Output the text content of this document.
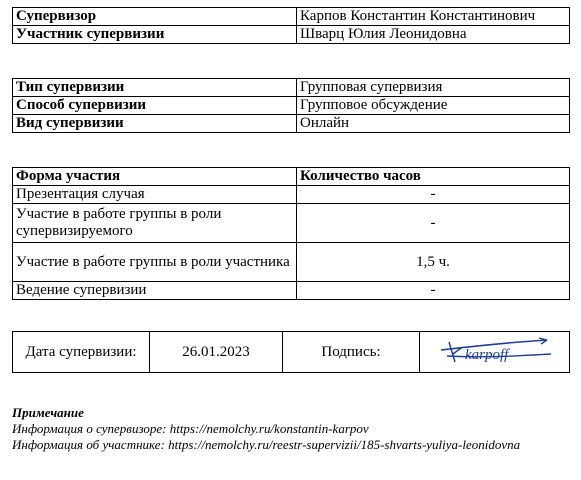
Супервизор	Карпов Константин Константинович
Участник супервизии	Шварц Юлия Леонидовна
Тип супервизии	Групповая супервизия
Способ супервизии	Групповое обсуждение
Вид супервизии	Онлайн
Форма участия	Количество часов
Презентация случая	-
Участие в работе группы в роли супервизируемого	-
Участие в работе группы в роли участника	1,5 ч.
Ведение супервизии	-
Дата супервизии:	26.01.2023	Подпись:	karpoff
Примечание
Информация о супервизоре: https://nemolchy.ru/konstantin-karpov
Информация об участнике: https://nemolchy.ru/reestr-supervizii/185-shvarts-yuliya-leonidovna
